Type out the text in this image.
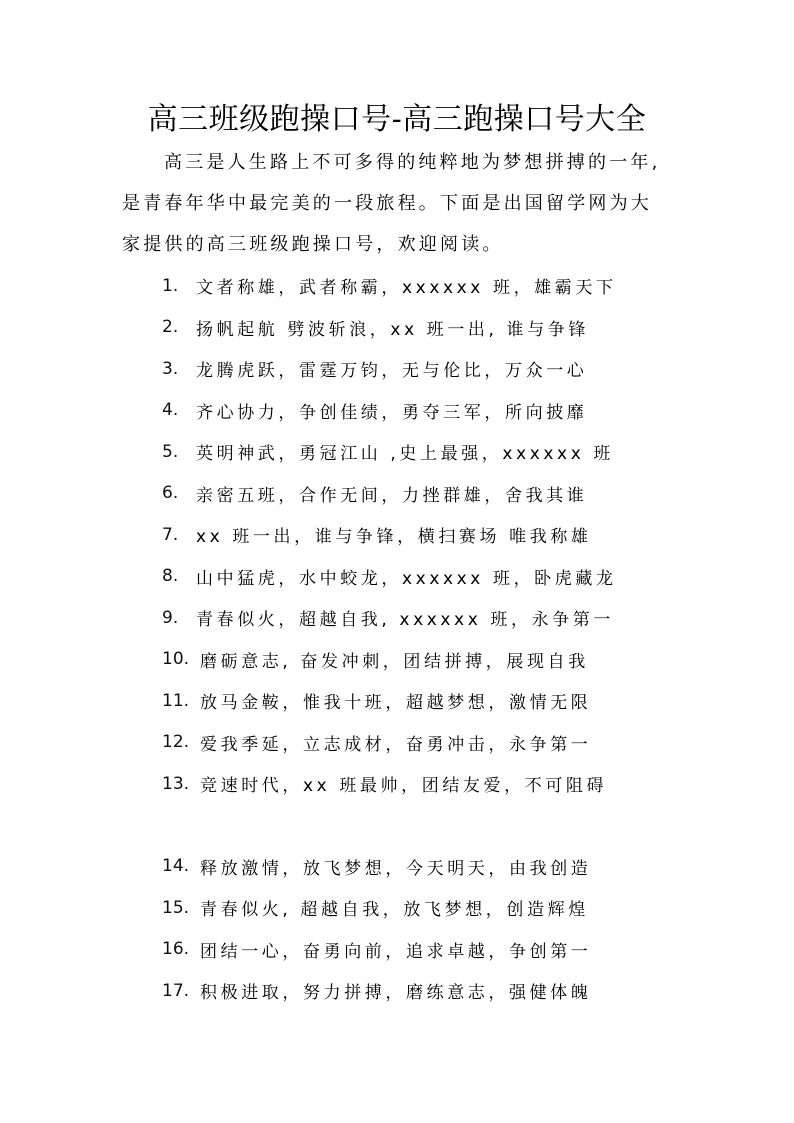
高三班级跑操口号-高三跑操口号大全
高三是人生路上不可多得的纯粹地为梦想拼搏的一年,
是青春年华中最完美的一段旅程。下面是出国留学网为大
家提供的高三班级跑操口号，欢迎阅读。
1.	文者称雄，武者称霸，xxxxxx 班，雄霸天下
2.	扬帆起航 劈波斩浪，xx 班一出, 谁与争锋
3.	龙腾虎跃，雷霆万钧，无与伦比，万众一心
4.	齐心协力，争创佳绩，勇夺三军，所向披靡
5.	英明神武，勇冠江山 ,史上最强，xxxxxx 班
6.	亲密五班，合作无间，力挫群雄，舍我其谁
7.	xx 班一出，谁与争锋，横扫赛场 唯我称雄
8.	山中猛虎，水中蛟龙，xxxxxx 班，卧虎藏龙
9.	青春似火，超越自我, xxxxxx 班，永争第一
10. 磨砺意志, 奋发冲刺，团结拼搏，展现自我
11. 放马金鞍，惟我十班，超越梦想，激情无限
12. 爱我季延，立志成材，奋勇冲击，永争第一
13. 竞速时代，xx 班最帅，团结友爱，不可阻碍
14. 释放激情，放飞梦想，今天明天，由我创造
15. 青春似火, 超越自我，放飞梦想，创造辉煌
16. 团结一心，奋勇向前，追求卓越，争创第一
17. 积极进取，努力拼搏，磨练意志，强健体魄
